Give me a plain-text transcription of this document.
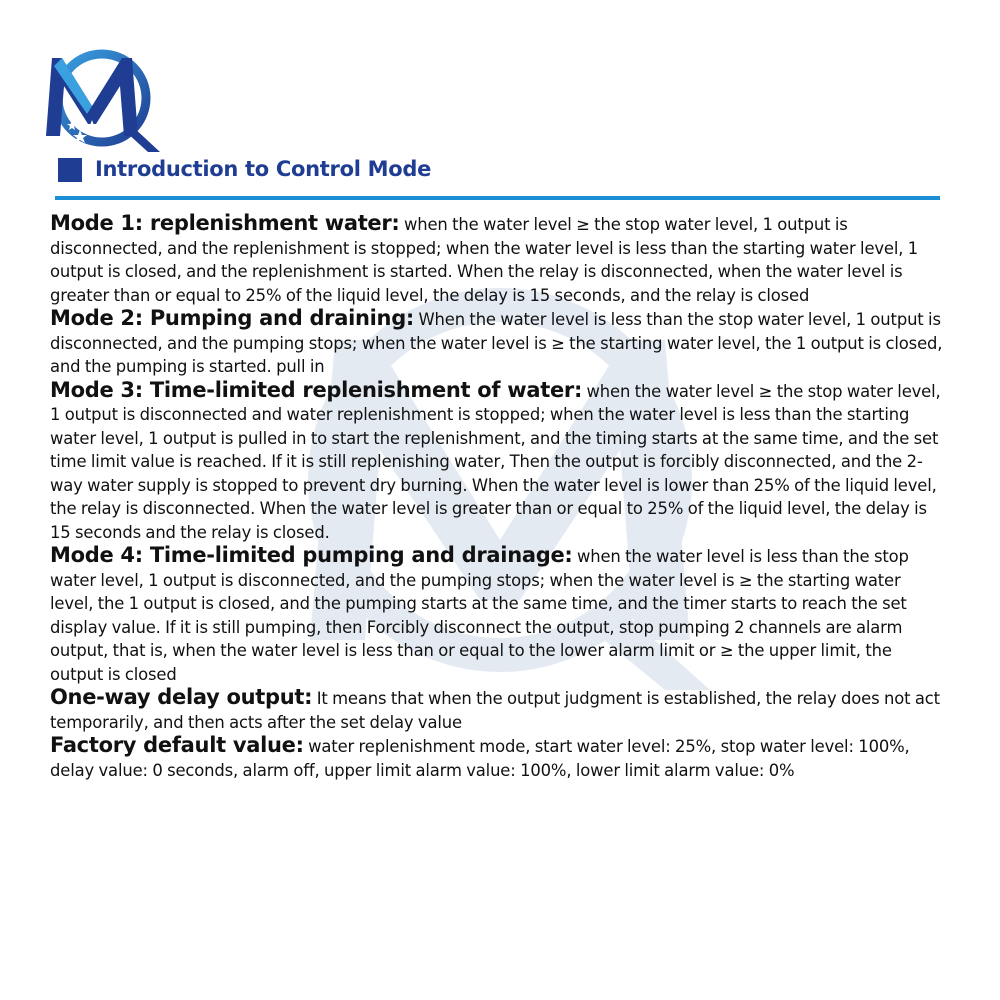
Introduction to Control Mode

Mode 1: replenishment water: when the water level ≥ the stop water level, 1 output is disconnected, and the replenishment is stopped; when the water level is less than the starting water level, 1 output is closed, and the replenishment is started. When the relay is disconnected, when the water level is greater than or equal to 25% of the liquid level, the delay is 15 seconds, and the relay is closed

Mode 2: Pumping and draining: When the water level is less than the stop water level, 1 output is disconnected, and the pumping stops; when the water level is ≥ the starting water level, the 1 output is closed, and the pumping is started. pull in

Mode 3: Time-limited replenishment of water: when the water level ≥ the stop water level, 1 output is disconnected and water replenishment is stopped; when the water level is less than the starting water level, 1 output is pulled in to start the replenishment, and the timing starts at the same time, and the set time limit value is reached. If it is still replenishing water, Then the output is forcibly disconnected, and the 2-way water supply is stopped to prevent dry burning. When the water level is lower than 25% of the liquid level, the relay is disconnected. When the water level is greater than or equal to 25% of the liquid level, the delay is 15 seconds and the relay is closed.

Mode 4: Time-limited pumping and drainage: when the water level is less than the stop water level, 1 output is disconnected, and the pumping stops; when the water level is ≥ the starting water level, the 1 output is closed, and the pumping starts at the same time, and the timer starts to reach the set display value. If it is still pumping, then Forcibly disconnect the output, stop pumping 2 channels are alarm output, that is, when the water level is less than or equal to the lower alarm limit or ≥ the upper limit, the output is closed

One-way delay output: It means that when the output judgment is established, the relay does not act temporarily, and then acts after the set delay value

Factory default value: water replenishment mode, start water level: 25%, stop water level: 100%, delay value: 0 seconds, alarm off, upper limit alarm value: 100%, lower limit alarm value: 0%
